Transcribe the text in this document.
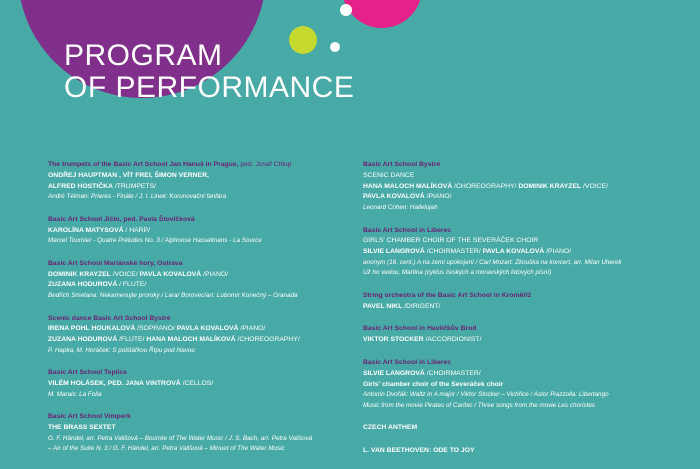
PROGRAM
OF PERFORMANCE
The trumpets of the Basic Art School Jan Hanuš in Prague, ped. Josef Chlup
ONDŘEJ HAUPTMAN , VÍT FREI, ŠIMON VERNER,
ALFRED HOSTIČKA /TRUMPETS/
André Télman: Prieres - Finále / J. I. Linek: Korunovační fanfára
Basic Art School Jičín, ped. Pavla Štovíčková
KAROLÍNA MATYSOVÁ / HARP/
Marcel Tournier - Quatre Préludes No. 3 / Alphonse Hasselmans - La Source
Basic Art School Mariánské hory, Ostrava
DOMINIK KRAYZEL /VOICE/ PAVLA KOVALOVÁ /PIANO/
ZUZANA HODUROVÁ / FLUTE/
Bedřich Smetana: Nekamenujte proroky / Lara/ Borovec/arr. Lubomír Konečný – Granada
Scenic dance Basic Art School Bystré
IRENA POHL HOUKALOVÁ /SOPRANO/ PAVLA KOVALOVÁ /PIANO/
ZUZANA HODUROVÁ /FLUTE/ HANA MALOCH MALÍKOVÁ /CHOREOGRAPHY/
P. Hapka, M. Horáček: S polštářkou Řípu pod hlavou
Basic Art School Teplice
VILÉM HOLÁSEK, PED. JANA VINTROVÁ /CELLOS/
M. Marais: La Folia
Basic Art School Vimperk
THE BRASS SEXTET
G. F. Händel, arr. Petra Vališová – Bourrée of The Water Music / J. S. Bach, arr. Petra Vališová
– Air of the Suite N. 3 / G. F. Händel, arr. Petra Vališová – Minuet of The Water Music
Basic Art School Bystré
SCENIC DANCE
HANA MALOCH MALÍKOVÁ /CHOREOGRAPHY/ DOMINIK KRAYZEL /VOICE/
PAVLA KOVALOVÁ /PIANO/
Leonard Cohen: Hallelujah
Basic Art School in Liberec
GIRLS' CHAMBER CHOIR OF THE SEVERÁČEK CHOIR
SILVIE LANGROVÁ /CHOIRMASTER/ PAVLA KOVALOVÁ /PIANO/
anonym (16. cent.) A na zemi upokojení / Carl Mozart: Zkouška na koncert, arr. Milan Uherek
Už ho vedou, Martina (cyklus českých a moravských lidových písní)
String orchestra of the Basic Art School in Kroměříž
PAVEL NIKL /DIRIGENT/
Basic Art School in Havlíčkův Brod
VIKTOR STOCKER /ACCORDIONIST/
Basic Art School in Liberec
SILVIE LANGROVÁ /CHOIRMASTER/
Girls' chamber choir of the Severáček choir
Antonín Dvořák: Waltz in A major / Viktor Stocker – Vichřice / Astor Piazzolla: Libertango
Music from the movie Pirates of Caribic / Three songs from the movie Les choristes
CZECH ANTHEM
L. VAN BEETHOVEN: ODE TO JOY
